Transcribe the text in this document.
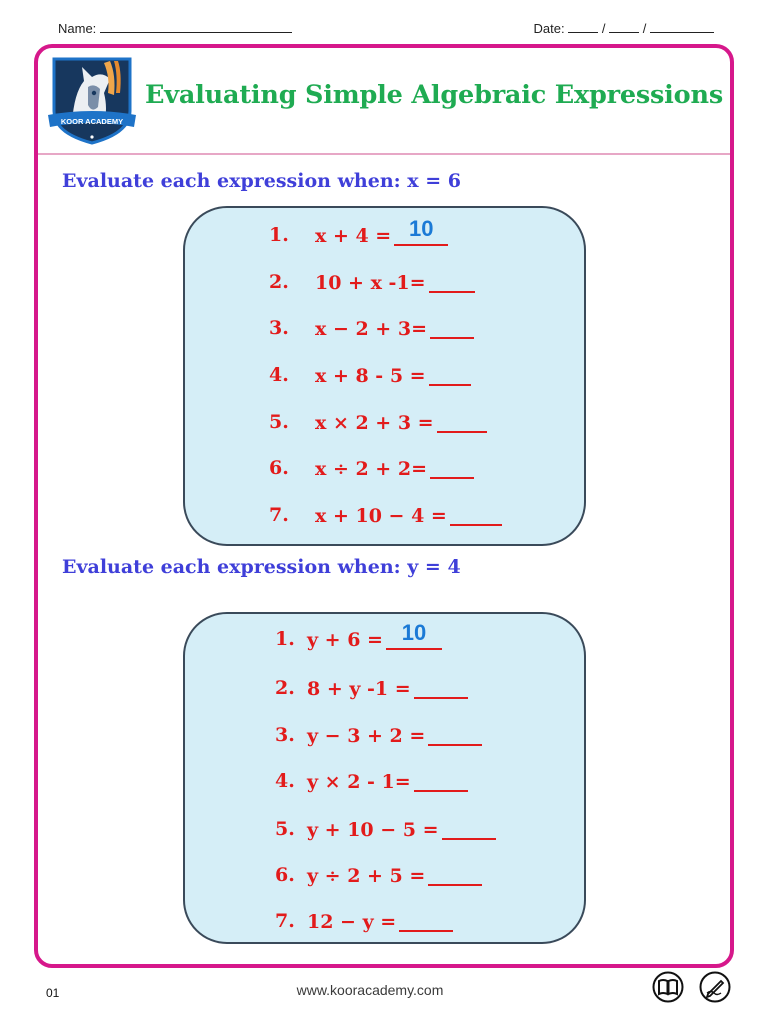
Name:	Date:	/	/
KOOR ACADEMY
Evaluating Simple Algebraic Expressions
Evaluate each expression when: x = 6
1. x + 4 = 10
2. 10 + x -1=
3. x − 2 + 3=
4. x + 8 - 5 =
5. x × 2 + 3 =
6. x ÷ 2 + 2=
7. x + 10 − 4 =
Evaluate each expression when: y = 4
1. y + 6 = 10
2. 8 + y -1 =
3. y − 3 + 2 =
4. y × 2 - 1=
5. y + 10 − 5 =
6. y ÷ 2 + 5 =
7. 12 − y =
01	www.kooracademy.com
